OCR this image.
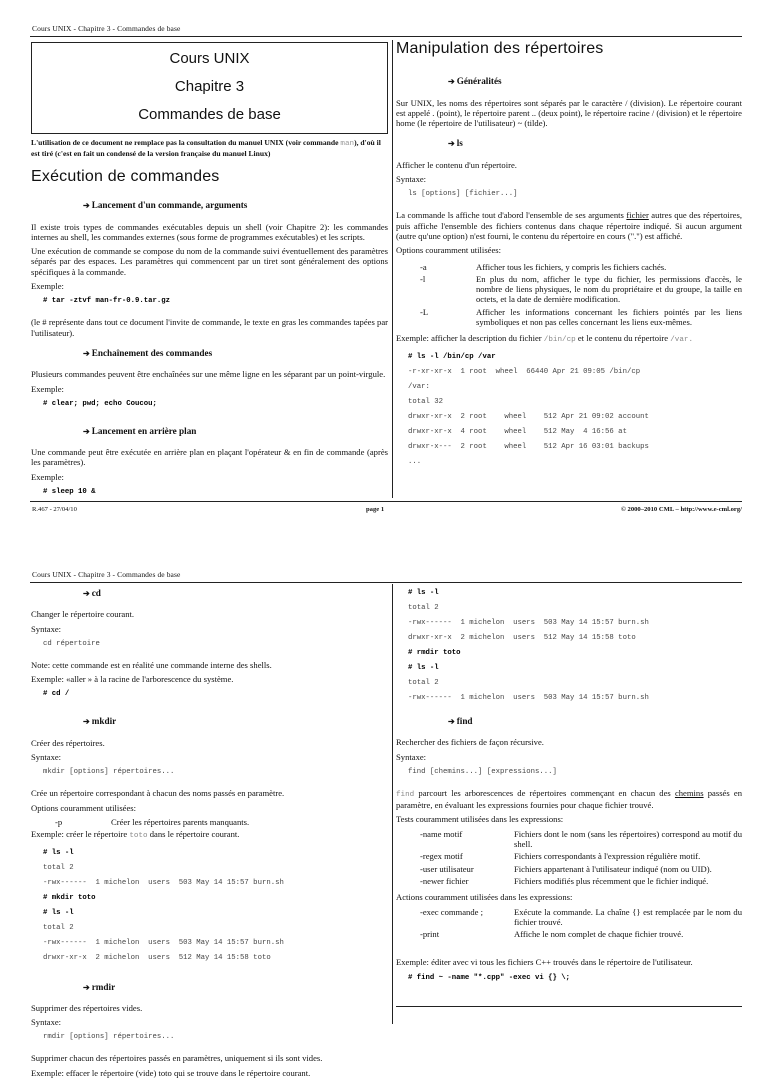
Cours UNIX - Chapitre 3 - Commandes de base
Cours UNIX
Chapitre 3
Commandes de base
L'utilisation de ce document ne remplace pas la consultation du manuel UNIX (voir commande man), d'où il est tiré (c'est en fait un condensé de la version française du manuel Linux)
Exécution de commandes
➔ Lancement d'un commande, arguments

Il existe trois types de commandes exécutables depuis un shell (voir Chapitre 2): les commandes internes au shell, les commandes externes (sous forme de programmes exécutables) et les scripts.

Une exécution de commande se compose du nom de la commande suivi éventuellement des paramètres séparés par des espaces. Les paramètres qui commencent par un tiret sont généralement des options spécifiques à la commande.

Exemple:

# tar -ztvf man-fr-0.9.tar.gz

(le # représente dans tout ce document l'invite de commande, le texte en gras les commandes tapées par l'utilisateur).

➔ Enchaînement des commandes

Plusieurs commandes peuvent être enchaînées sur une même ligne en les séparant par un point-virgule.

Exemple:

# clear; pwd; echo Coucou;
➔ Lancement en arrière plan

Une commande peut être exécutée en arrière plan en plaçant l'opérateur & en fin de commande (après les paramètres).

Exemple:

# sleep 10 &
Manipulation des répertoires
➔ Généralités

Sur UNIX, les noms des répertoires sont séparés par le caractère / (division). Le répertoire courant est appelé . (point), le répertoire parent .. (deux point), le répertoire racine / (division) et le répertoire home (le répertoire de l'utilisateur) ~ (tilde).

➔ ls

Afficher le contenu d'un répertoire.

Syntaxe:

ls [options] [fichier...]

La commande ls affiche tout d'abord l'ensemble de ses arguments fichier autres que des répertoires, puis affiche l'ensemble des fichiers contenus dans chaque répertoire indiqué. Si aucun argument (autre qu'une option) n'est fourni, le contenu du répertoire en cours (".") est affiché.

Options couramment utilisées:

-a	Afficher tous les fichiers, y compris les fichiers cachés.
-l	En plus du nom, afficher le type du fichier, les permissions d'accès, le nombre de liens physiques, le nom du propriétaire et du groupe, la taille en octets, et la date de dernière modification.
-L	Afficher les informations concernant les fichiers pointés par les liens symboliques et non pas celles concernant les liens eux-mêmes.

Exemple: afficher la description du fichier /bin/cp et le contenu du répertoire /var.

# ls -l /bin/cp /var
-r-xr-xr-x  1 root  wheel  66440 Apr 21 09:05 /bin/cp
/var:
total 32
drwxr-xr-x  2 root    wheel    512 Apr 21 09:02 account
drwxr-xr-x  4 root    wheel    512 May  4 16:56 at
drwxr-x---  2 root    wheel    512 Apr 16 03:01 backups
...
R.467 - 27/04/10	page 1	© 2000–2010 CML – http://www.e-cml.org/
Cours UNIX - Chapitre 3 - Commandes de base
➔ cd

Changer le répertoire courant.

Syntaxe:

cd répertoire

Note: cette commande est en réalité une commande interne des shells.

Exemple: «aller » à la racine de l'arborescence du système.

# cd /
➔ mkdir

Créer des répertoires.

Syntaxe:

mkdir [options] répertoires...

Crée un répertoire correspondant à chacun des noms passés en paramètre.

Options couramment utilisées:

-p	Créer les répertoires parents manquants.

Exemple: créer le répertoire toto dans le répertoire courant.

# ls -l
total 2
-rwx------  1 michelon  users  503 May 14 15:57 burn.sh
# mkdir toto
# ls -l
total 2
-rwx------  1 michelon  users  503 May 14 15:57 burn.sh
drwxr-xr-x  2 michelon  users  512 May 14 15:58 toto
➔ rmdir

Supprimer des répertoires vides.

Syntaxe:

rmdir [options] répertoires...

Supprimer chacun des répertoires passés en paramètres, uniquement si ils sont vides.

Exemple: effacer le répertoire (vide) toto qui se trouve dans le répertoire courant.

# ls -l
total 2
-rwx------  1 michelon  users  503 May 14 15:57 burn.sh
drwxr-xr-x  2 michelon  users  512 May 14 15:58 toto
# rmdir toto
# ls -l
total 2
-rwx------  1 michelon  users  503 May 14 15:57 burn.sh
➔ find

Rechercher des fichiers de façon récursive.

Syntaxe:

find [chemins...] [expressions...]

find parcourt les arborescences de répertoires commençant en chacun des chemins passés en paramètre, en évaluant les expressions fournies pour chaque fichier trouvé.

Tests couramment utilisées dans les expressions:

-name motif	Fichiers dont le nom (sans les répertoires) correspond au motif du shell.
-regex motif	Fichiers correspondants à l'expression régulière motif.
-user utilisateur	Fichiers appartenant à l'utilisateur indiqué (nom ou UID).
-newer fichier	Fichiers modifiés plus récemment que le fichier indiqué.

Actions couramment utilisées dans les expressions:

-exec commande ;	Exécute la commande. La chaîne {} est remplacée par le nom du fichier trouvé.
-print	Affiche le nom complet de chaque fichier trouvé.

Exemple: éditer avec vi tous les fichiers C++ trouvés dans le répertoire de l'utilisateur.

# find ~ -name "*.cpp" -exec vi {} \;
